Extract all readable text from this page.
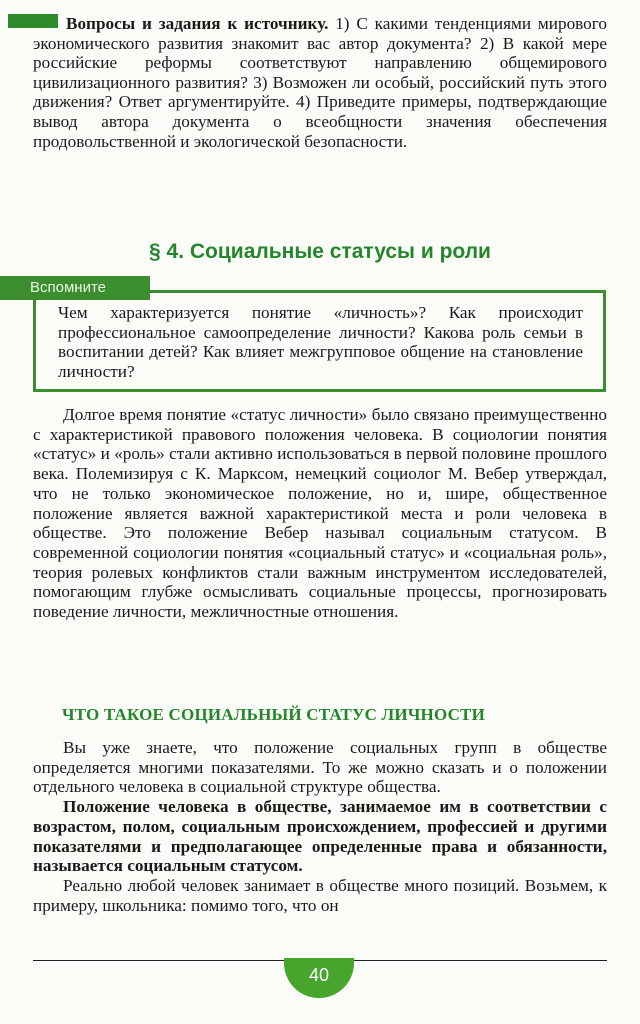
Вопросы и задания к источнику. 1) С какими тенденциями мирового экономического развития знакомит вас автор документа? 2) В какой мере российские реформы соответствуют направлению общемирового цивилизационного развития? 3) Возможен ли особый, российский путь этого движения? Ответ аргументируйте. 4) Приведите примеры, подтверждающие вывод автора документа о всеобщности значения обеспечения продовольственной и экологической безопасности.
§ 4. Социальные статусы и роли
Чем характеризуется понятие «личность»? Как происходит профессиональное самоопределение личности? Какова роль семьи в воспитании детей? Как влияет межгрупповое общение на становление личности?
Вспомните

Долгое время понятие «статус личности» было связано преимущественно с характеристикой правового положения человека. В социологии понятия «статус» и «роль» стали активно использоваться в первой половине прошлого века. Полемизируя с К. Марксом, немецкий социолог М. Вебер утверждал, что не только экономическое положение, но и, шире, общественное положение является важной характеристикой места и роли человека в обществе. Это положение Вебер называл социальным статусом. В современной социологии понятия «социальный статус» и «социальная роль», теория ролевых конфликтов стали важным инструментом исследователей, помогающим глубже осмысливать социальные процессы, прогнозировать поведение личности, межличностные отношения.

ЧТО ТАКОЕ СОЦИАЛЬНЫЙ СТАТУС ЛИЧНОСТИ

Вы уже знаете, что положение социальных групп в обществе определяется многими показателями. То же можно сказать и о положении отдельного человека в социальной структуре общества.

Положение человека в обществе, занимаемое им в соответствии с возрастом, полом, социальным происхождением, профессией и другими показателями и предполагающее определенные права и обязанности, называется социальным статусом.

Реально любой человек занимает в обществе много позиций. Возьмем, к примеру, школьника: помимо того, что он

40
